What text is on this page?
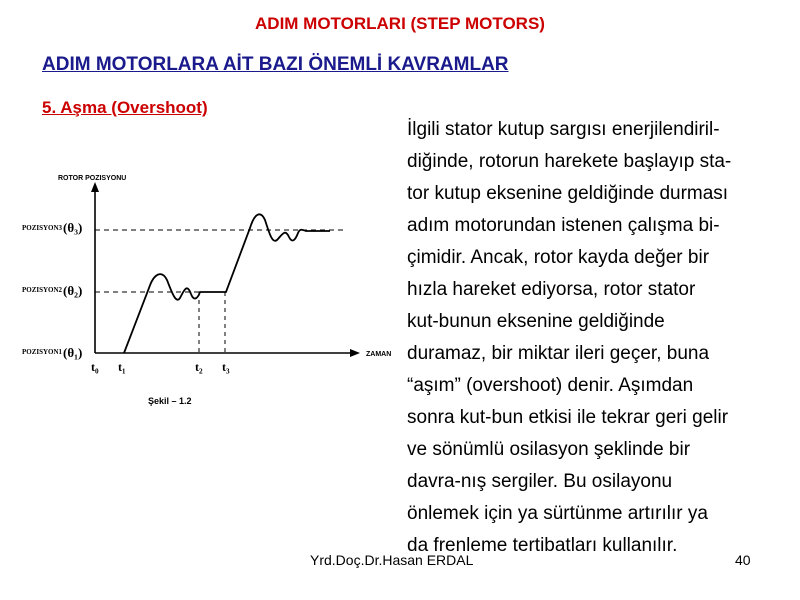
ADIM MOTORLARI (STEP MOTORS)
ADIM MOTORLARA AİT BAZI ÖNEMLİ KAVRAMLAR
5. Aşma (Overshoot)
ROTOR POZISYONU
ZAMAN
POZISYON3 (θ₃)
POZISYON2 (θ₂)
POZISYON1 (θ₁)
t₀ t₁	t₂ t₃
Şekil – 1.2
İlgili stator kutup sargısı enerjilendiril-
diğinde, rotorun harekete başlayıp sta-
tor kutup eksenine geldiğinde durması
adım motorundan istenen çalışma bi-
çimidir. Ancak, rotor kayda değer bir
hızla hareket ediyorsa, rotor stator
kut-bunun eksenine geldiğinde
duramaz, bir miktar ileri geçer, buna
“aşım” (overshoot) denir. Aşımdan
sonra kut-bun etkisi ile tekrar geri gelir
ve sönümlü osilasyon şeklinde bir
davra-nış sergiler. Bu osilayonu
önlemek için ya sürtünme artırılır ya
da frenleme tertibatları kullanılır.
Yrd.Doç.Dr.Hasan ERDAL	40
